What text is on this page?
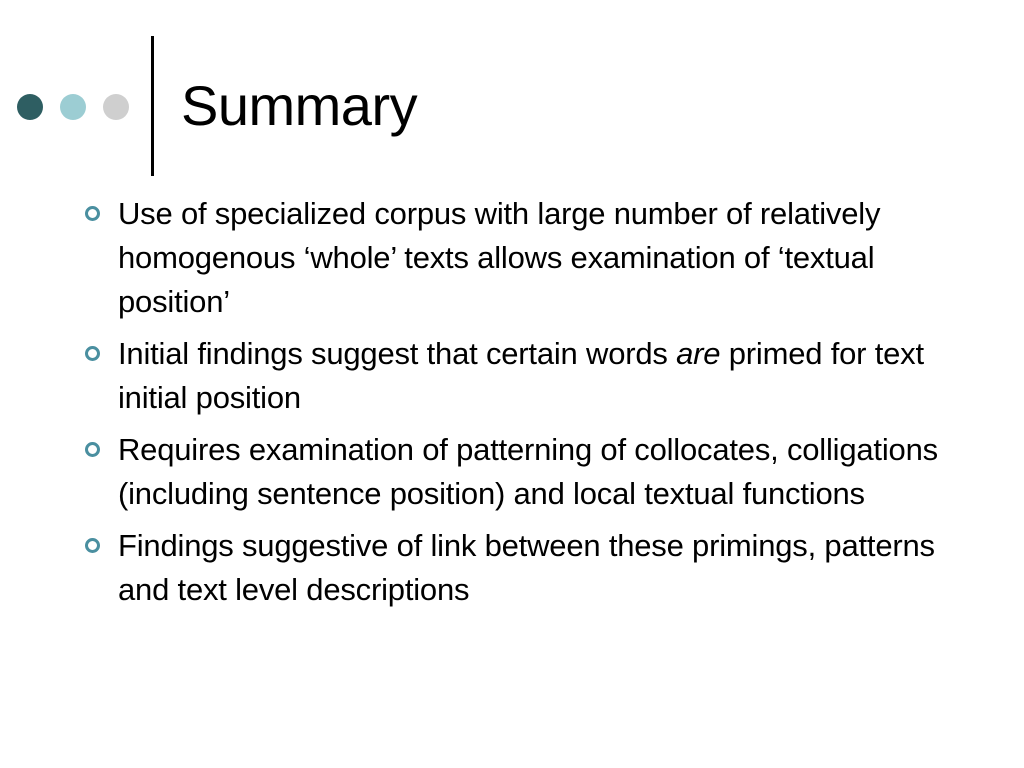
Summary
Use of specialized corpus with large number of relatively homogenous ‘whole’ texts allows examination of ‘textual position’
Initial findings suggest that certain words are primed for text initial position
Requires examination of patterning of collocates, colligations (including sentence position) and local textual functions
Findings suggestive of link between these primings, patterns and text level descriptions
